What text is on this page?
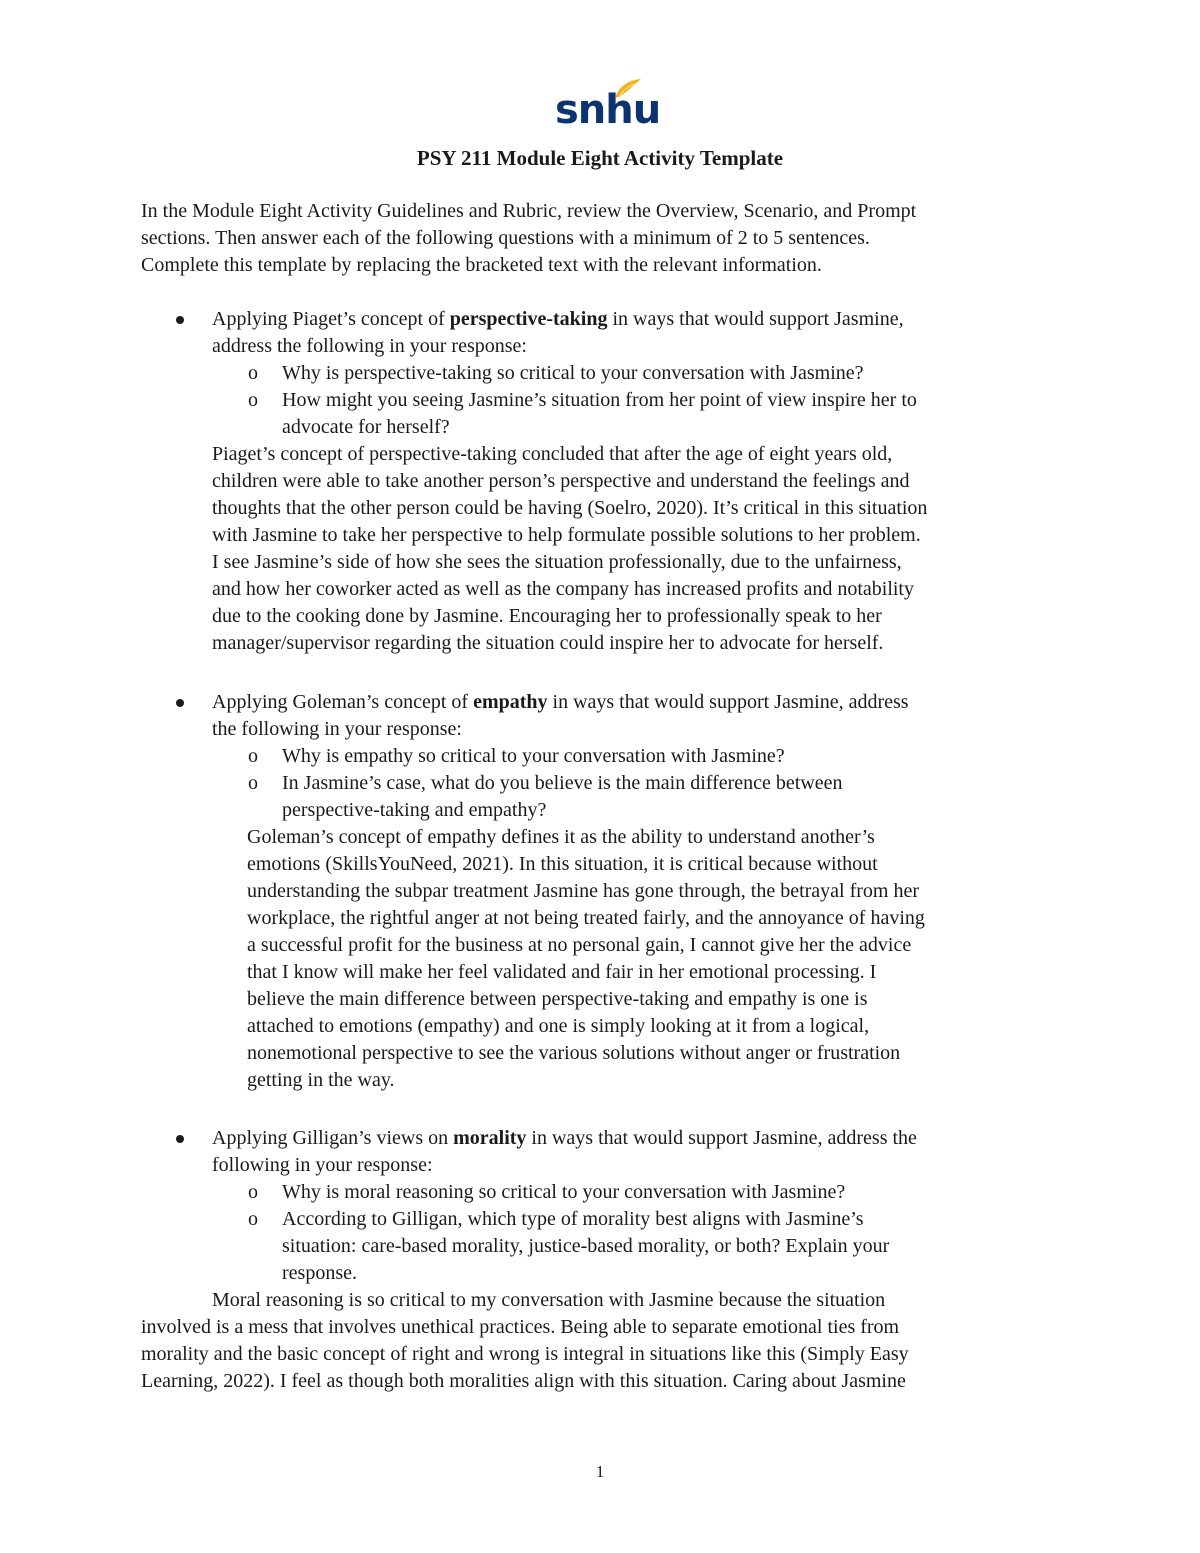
snhu
PSY 211 Module Eight Activity Template

In the Module Eight Activity Guidelines and Rubric, review the Overview, Scenario, and Prompt

sections. Then answer each of the following questions with a minimum of 2 to 5 sentences.

Complete this template by replacing the bracketed text with the relevant information.

Applying Piaget’s concept of perspective-taking in ways that would support Jasmine,
address the following in your response:
o Why is perspective-taking so critical to your conversation with Jasmine?
o How might you seeing Jasmine’s situation from her point of view inspire her to
advocate for herself?
Piaget’s concept of perspective-taking concluded that after the age of eight years old,
children were able to take another person’s perspective and understand the feelings and
thoughts that the other person could be having (Soelro, 2020). It’s critical in this situation
with Jasmine to take her perspective to help formulate possible solutions to her problem.
I see Jasmine’s side of how she sees the situation professionally, due to the unfairness,
and how her coworker acted as well as the company has increased profits and notability
due to the cooking done by Jasmine. Encouraging her to professionally speak to her
manager/supervisor regarding the situation could inspire her to advocate for herself.
Applying Goleman’s concept of empathy in ways that would support Jasmine, address
the following in your response:
o Why is empathy so critical to your conversation with Jasmine?
o In Jasmine’s case, what do you believe is the main difference between
perspective-taking and empathy?
Goleman’s concept of empathy defines it as the ability to understand another’s
emotions (SkillsYouNeed, 2021). In this situation, it is critical because without
understanding the subpar treatment Jasmine has gone through, the betrayal from her
workplace, the rightful anger at not being treated fairly, and the annoyance of having
a successful profit for the business at no personal gain, I cannot give her the advice
that I know will make her feel validated and fair in her emotional processing. I
believe the main difference between perspective-taking and empathy is one is
attached to emotions (empathy) and one is simply looking at it from a logical,
nonemotional perspective to see the various solutions without anger or frustration
getting in the way.
Applying Gilligan’s views on morality in ways that would support Jasmine, address the
following in your response:
o Why is moral reasoning so critical to your conversation with Jasmine?
o According to Gilligan, which type of morality best aligns with Jasmine’s
situation: care-based morality, justice-based morality, or both? Explain your
response.
Moral reasoning is so critical to my conversation with Jasmine because the situation
involved is a mess that involves unethical practices. Being able to separate emotional ties from
morality and the basic concept of right and wrong is integral in situations like this (Simply Easy
Learning, 2022). I feel as though both moralities align with this situation. Caring about Jasmine
1
